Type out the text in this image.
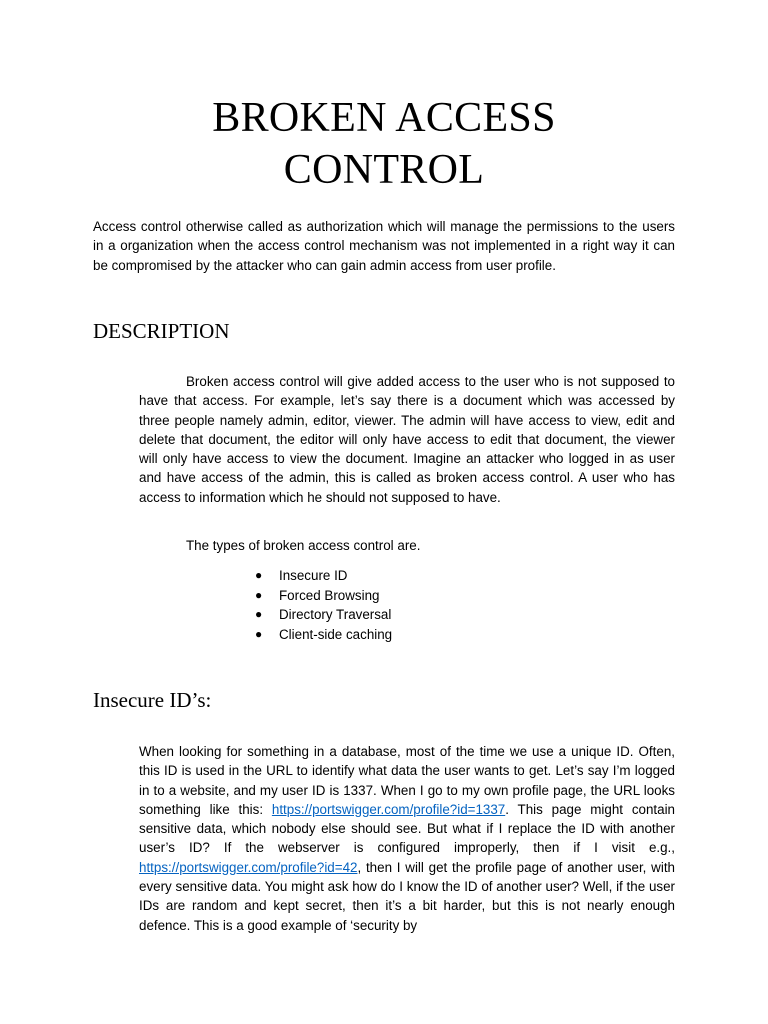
BROKEN ACCESS
CONTROL

Access control otherwise called as authorization which will manage the permissions to the users in a organization when the access control mechanism was not implemented in a right way it can be compromised by the attacker who can gain admin access from user profile.

DESCRIPTION

Broken access control will give added access to the user who is not supposed to have that access. For example, let’s say there is a document which was accessed by three people namely admin, editor, viewer. The admin will have access to view, edit and delete that document, the editor will only have access to edit that document, the viewer will only have access to view the document. Imagine an attacker who logged in as user and have access of the admin, this is called as broken access control. A user who has access to information which he should not supposed to have.

The types of broken access control are.

● Insecure ID
● Forced Browsing
● Directory Traversal
● Client-side caching
Insecure ID’s:

When looking for something in a database, most of the time we use a unique ID. Often, this ID is used in the URL to identify what data the user wants to get. Let’s say I’m logged in to a website, and my user ID is 1337. When I go to my own profile page, the URL looks something like this: https://portswigger.com/profile?id=1337. This page might contain sensitive data, which nobody else should see. But what if I replace the ID with another user’s ID? If the webserver is configured improperly, then if I visit e.g., https://portswigger.com/profile?id=42, then I will get the profile page of another user, with every sensitive data. You might ask how do I know the ID of another user? Well, if the user IDs are random and kept secret, then it’s a bit harder, but this is not nearly enough defence. This is a good example of ‘security by
